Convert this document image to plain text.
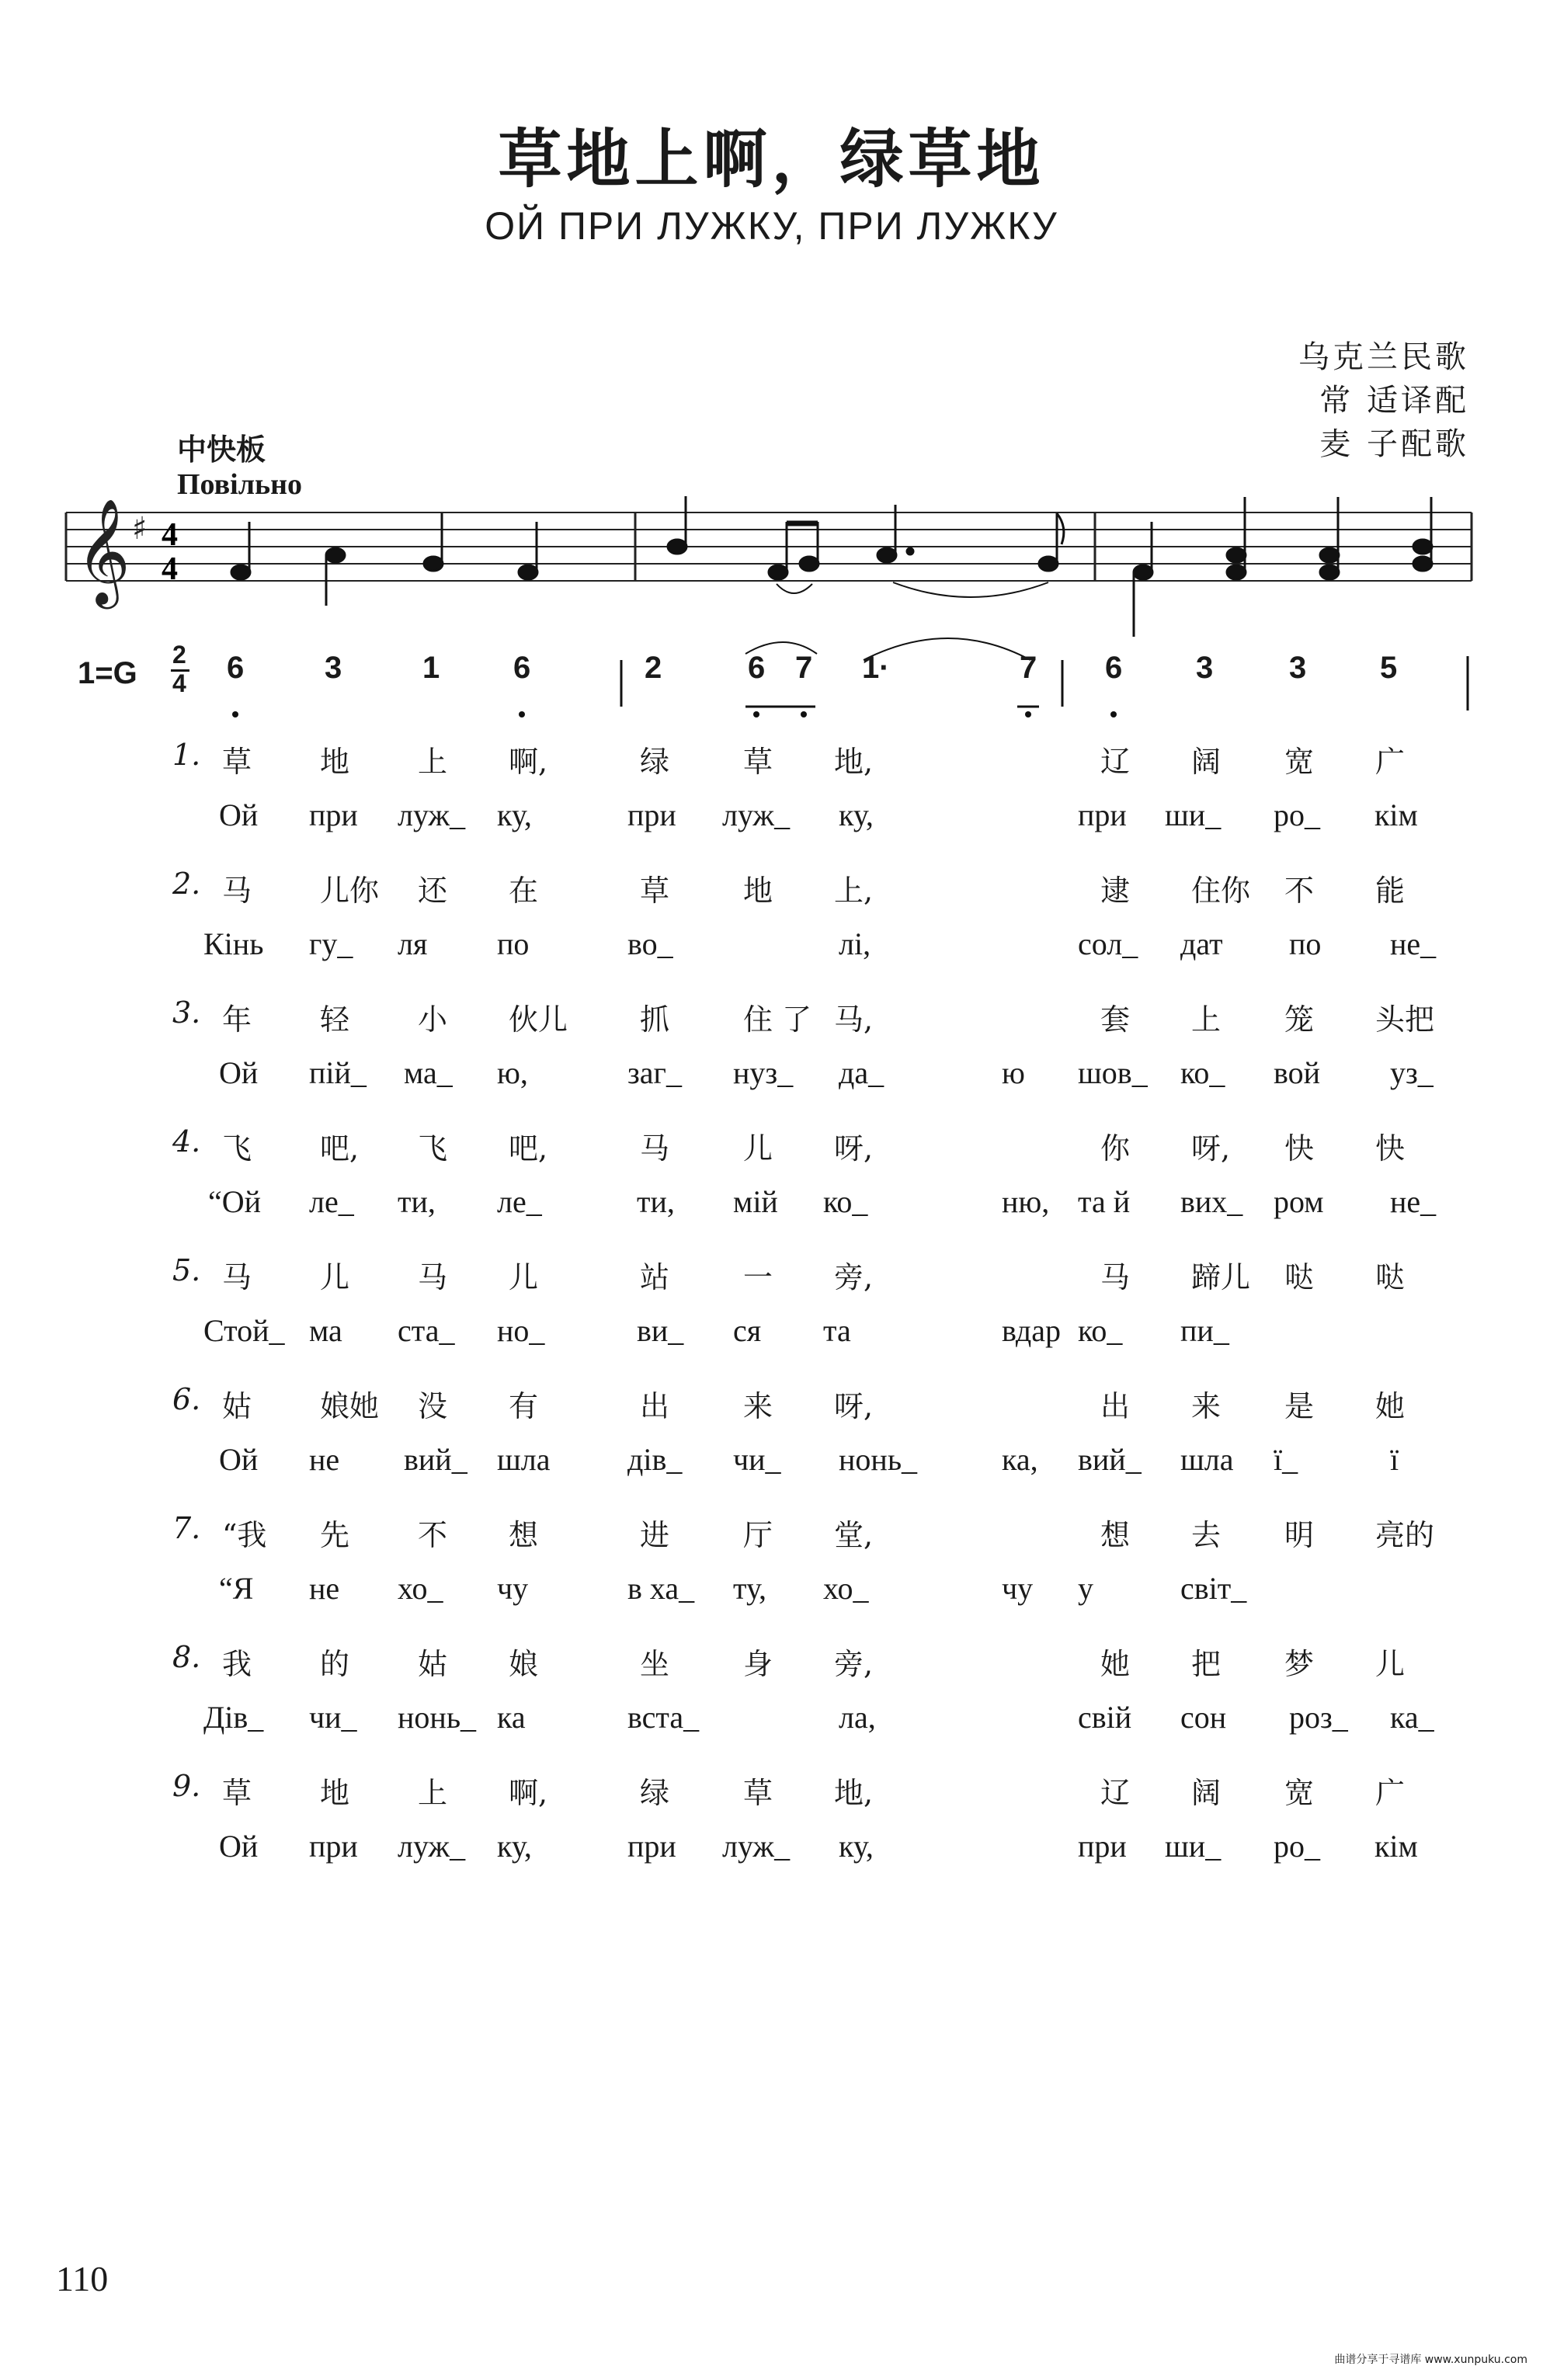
草地上啊，绿草地
ОЙ ПРИ ЛУЖКУ, ПРИ ЛУЖКУ
乌克兰民歌
常 适译配
麦 子配歌
中快板
Повільно
𝄞 ♯ 4
4
1=G
2
4 6	3	1 6	2	6 7 1·	7 6 3 3 5
1. 草 地 上 啊,	绿 草 地,	辽 阔 宽 广
Ой при луж_ ку,	при луж_ ку,	при ши_ ро_ кім
2. 马 儿你 还 在	草 地 上,	逮 住你 不 能
Кінь гу_ ля по	во_	лі,	сол_ дат по не_
3. 年 轻 小 伙儿 抓 住 了 马,	套 上 笼 头把
Ой пій_ ма_ ю,	заг_ нуз_ да_	ю шов_ ко_ вой уз_
4. 飞 吧, 飞 吧,	马 儿 呀,	你 呀, 快 快
“Ой ле_ ти, ле_	ти, мій ко_	ню, та й вих_ ром не_
5. 马 儿 马 儿	站 一 旁,	马 蹄儿 哒 哒
Стой_ ма ста_ но_	ви_ ся та	вдар ко_ пи_
6. 姑 娘她 没 有	出 来 呀,	出 来 是 她
Ой не вий_ шла дів_ чи_ нонь_	ка, вий_ шла ї_	ї
7. “我 先 不 想	进 厅 堂,	想 去 明 亮的
“Я не хо_ чу	в ха_ ту, хо_	чу у	світ_
8. 我 的 姑 娘	坐 身 旁,	她 把 梦 儿
Дів_ чи_ нонь_ ка	вста_	ла,	свій сон роз_ ка_
9. 草 地 上 啊,	绿 草 地,	辽 阔 宽 广
Ой при луж_ ку,	при луж_ ку,	при ши_ ро_ кім
110
曲谱分享于寻谱库 www.xunpuku.com
